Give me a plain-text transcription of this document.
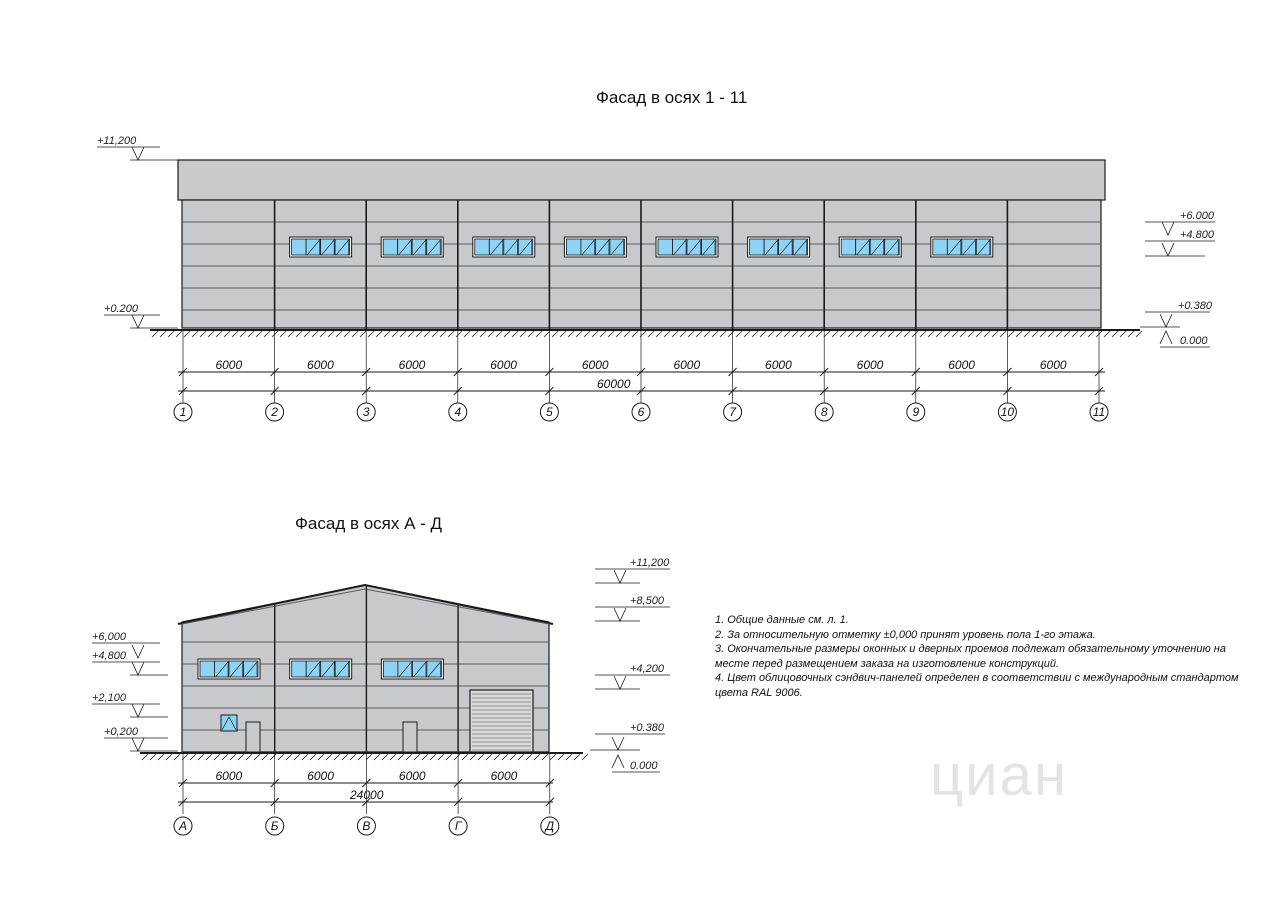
циан
Фасад в осях 1 - 11
Фасад в осях А - Д
6000	6000	6000	6000	6000	6000	6000	6000	6000	6000
60000
1	2	3	4	5	6	7	8	9	10	11
+11,200
+0.200
+6.000
+4.800
+0.380
0.000
6000	6000	6000	6000
24000
А	Б	В	Г	Д
+6,000
+4,800
+2,100
+0,200
+11,200
+8,500
+4,200
+0.380
0.000
1. Общие данные см. л. 1.
2. За относительную отметку ±0,000 принят уровень пола 1-го этажа.
3. Окончательные размеры оконных и дверных проемов подлежат обязательному уточнению на
месте перед размещением заказа на изготовление конструкций.
4. Цвет облицовочных сэндвич-панелей определен в соответствии с международным стандартом
цвета RAL 9006.
